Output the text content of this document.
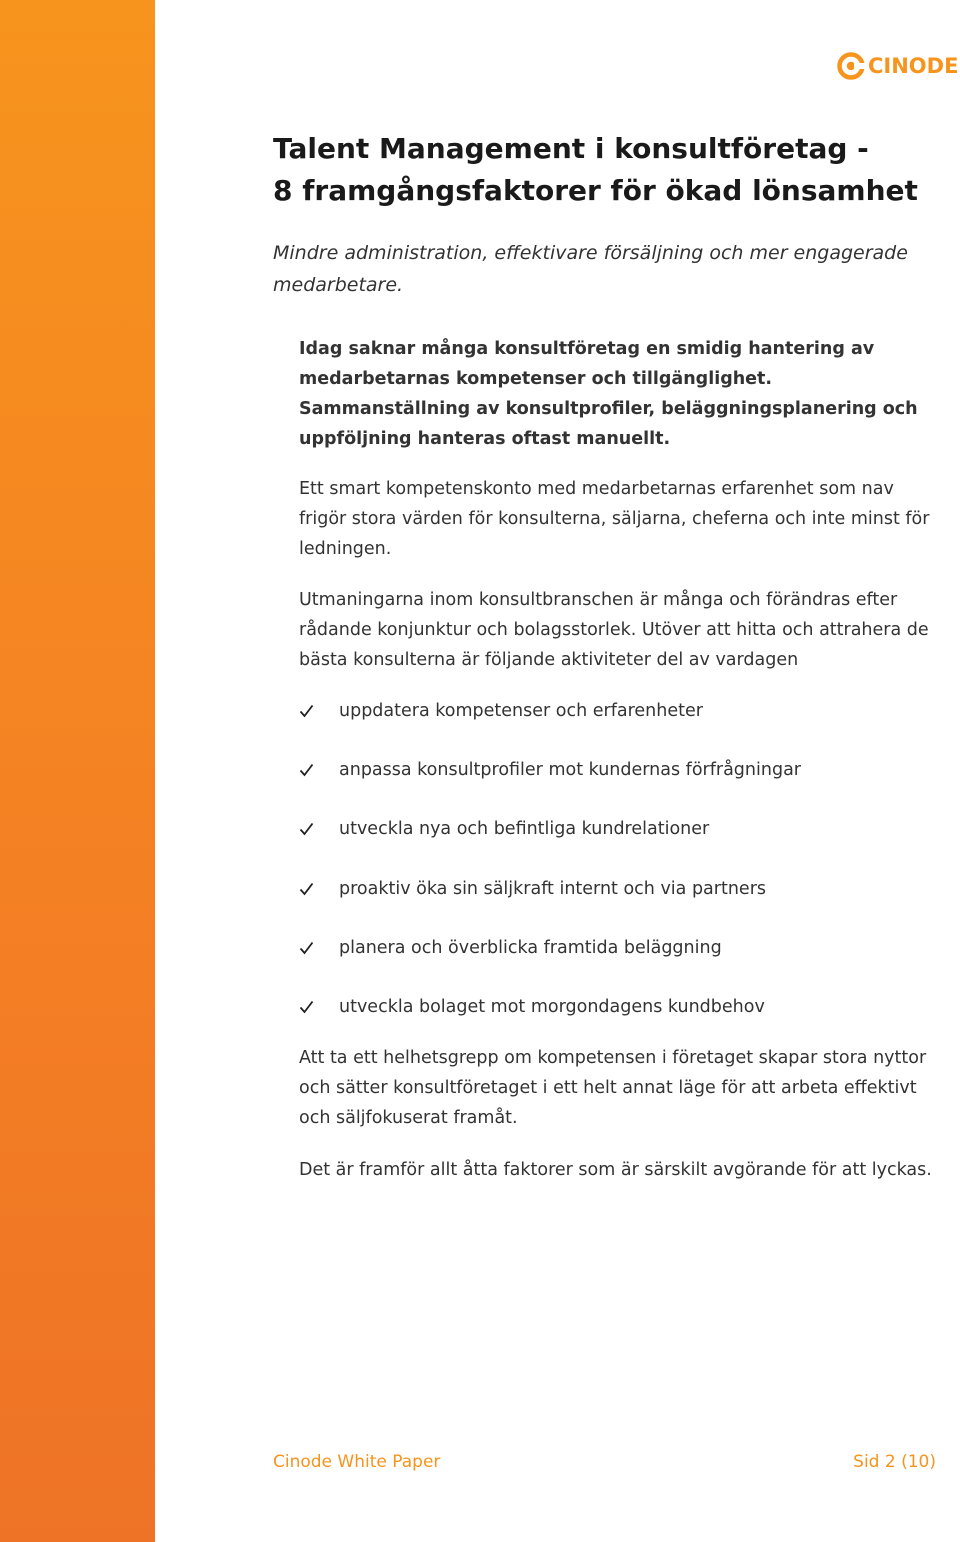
CINODE
Talent Management i konsultföretag -
8 framgångsfaktorer för ökad lönsamhet

Mindre administration, effektivare försäljning och mer engagerade medarbetare.

Idag saknar många konsultföretag en smidig hantering av medarbetarnas kompetenser och tillgänglighet. Sammanställning av konsultprofiler, beläggningsplanering och uppföljning hanteras oftast manuellt.

Ett smart kompetenskonto med medarbetarnas erfarenhet som nav frigör stora värden för konsulterna, säljarna, cheferna och inte minst för ledningen.

Utmaningarna inom konsultbranschen är många och förändras efter rådande konjunktur och bolagsstorlek. Utöver att hitta och attrahera de bästa konsulterna är följande aktiviteter del av vardagen

uppdatera kompetenser och erfarenheter
anpassa konsultprofiler mot kundernas förfrågningar
utveckla nya och befintliga kundrelationer
proaktiv öka sin säljkraft internt och via partners
planera och överblicka framtida beläggning
utveckla bolaget mot morgondagens kundbehov

Att ta ett helhetsgrepp om kompetensen i företaget skapar stora nyttor och sätter konsultföretaget i ett helt annat läge för att arbeta effektivt och säljfokuserat framåt.

Det är framför allt åtta faktorer som är särskilt avgörande för att lyckas.

Cinode White Paper	Sid 2 (10)
